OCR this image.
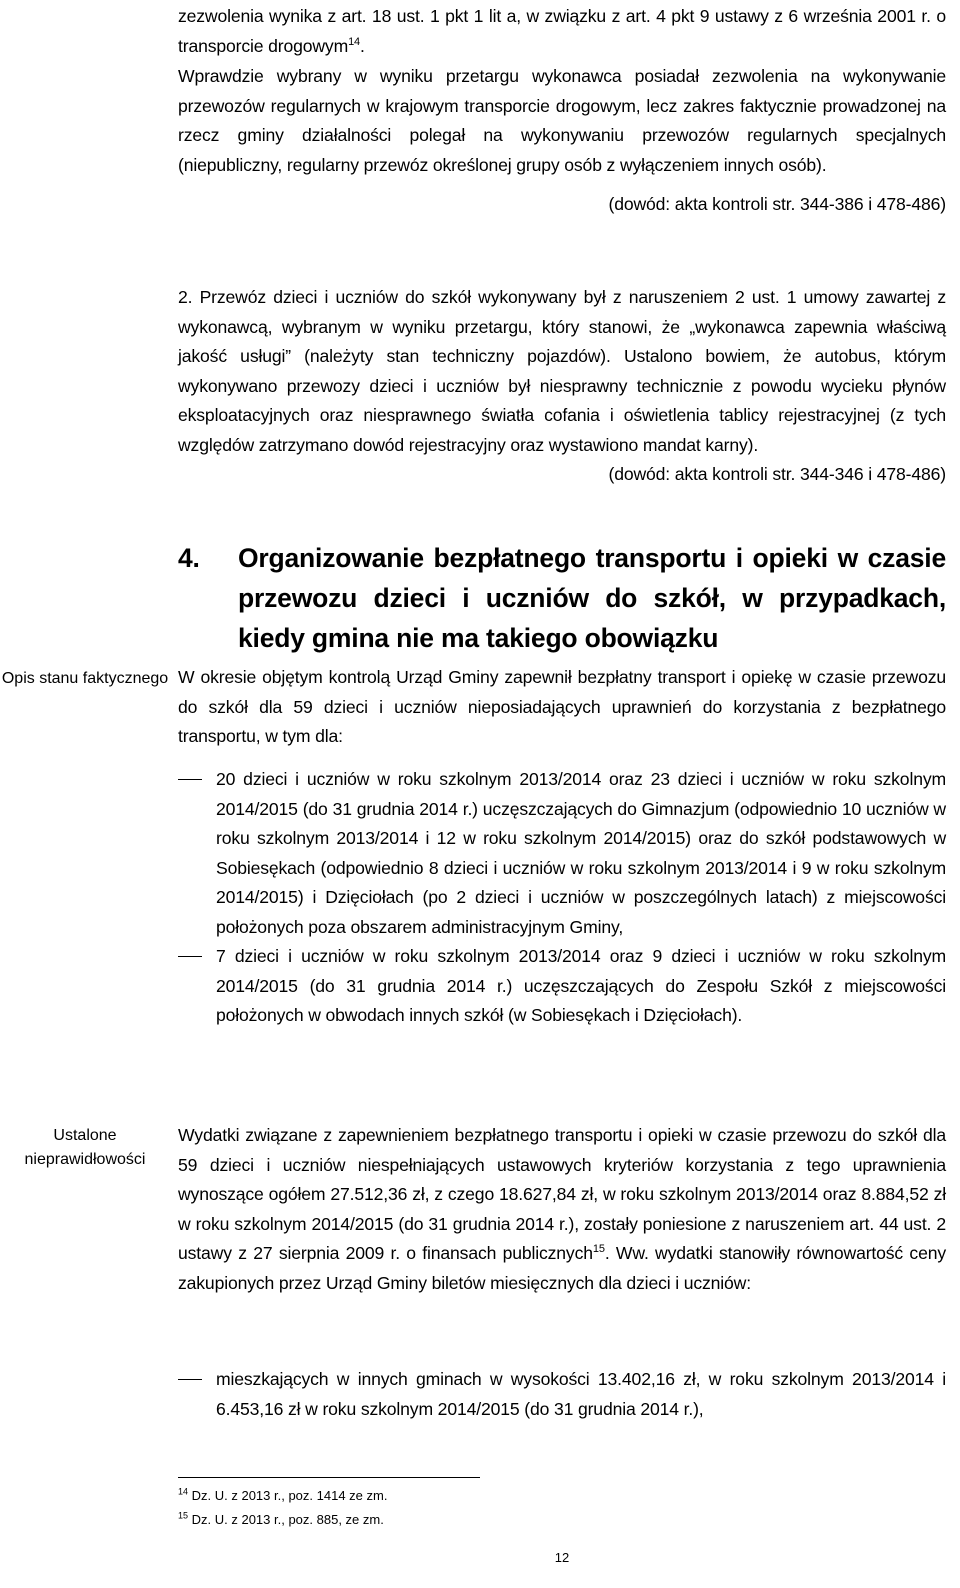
zezwolenia wynika z art. 18 ust. 1 pkt 1 lit a, w związku z art. 4 pkt 9 ustawy z 6 września 2001 r. o transporcie drogowym$^{14}$.

Wprawdzie wybrany w wyniku przetargu wykonawca posiadał zezwolenia na wykonywanie przewozów regularnych w krajowym transporcie drogowym, lecz zakres faktycznie prowadzonej na rzecz gminy działalności polegał na wykonywaniu przewozów regularnych specjalnych (niepubliczny, regularny przewóz określonej grupy osób z wyłączeniem innych osób).

(dowód: akta kontroli str. 344-386 i 478-486)

2. Przewóz dzieci i uczniów do szkół wykonywany był z naruszeniem 2 ust. 1 umowy zawartej z wykonawcą, wybranym w wyniku przetargu, który stanowi, że „wykonawca zapewnia właściwą jakość usługi” (należyty stan techniczny pojazdów). Ustalono bowiem, że autobus, którym wykonywano przewozy dzieci i uczniów był niesprawny technicznie z powodu wycieku płynów eksploatacyjnych oraz niesprawnego światła cofania i oświetlenia tablicy rejestracyjnej (z tych względów zatrzymano dowód rejestracyjny oraz wystawiono mandat karny).

(dowód: akta kontroli str. 344-346 i 478-486)

4. Organizowanie bezpłatnego transportu i opieki w czasie przewozu dzieci i uczniów do szkół, w przypadkach, kiedy gmina nie ma takiego obowiązku
Opis stanu faktycznego
Ustalone nieprawidłowości

W okresie objętym kontrolą Urząd Gminy zapewnił bezpłatny transport i opiekę w czasie przewozu do szkół dla 59 dzieci i uczniów nieposiadających uprawnień do korzystania z bezpłatnego transportu, w tym dla:

20 dzieci i uczniów w roku szkolnym 2013/2014 oraz 23 dzieci i uczniów w roku szkolnym 2014/2015 (do 31 grudnia 2014 r.) uczęszczających do Gimnazjum (odpowiednio 10 uczniów w roku szkolnym 2013/2014 i 12 w roku szkolnym 2014/2015) oraz do szkół podstawowych w Sobiesękach (odpowiednio 8 dzieci i uczniów w roku szkolnym 2013/2014 i 9 w roku szkolnym 2014/2015) i Dzięciołach (po 2 dzieci i uczniów w poszczególnych latach) z miejscowości położonych poza obszarem administracyjnym Gminy,

7 dzieci i uczniów w roku szkolnym 2013/2014 oraz 9 dzieci i uczniów w roku szkolnym 2014/2015 (do 31 grudnia 2014 r.) uczęszczających do Zespołu Szkół z miejscowości położonych w obwodach innych szkół (w Sobiesękach i Dzięciołach).

Wydatki związane z zapewnieniem bezpłatnego transportu i opieki w czasie przewozu do szkół dla 59 dzieci i uczniów niespełniających ustawowych kryteriów korzystania z tego uprawnienia wynoszące ogółem 27.512,36 zł, z czego 18.627,84 zł, w roku szkolnym 2013/2014 oraz 8.884,52 zł w roku szkolnym 2014/2015 (do 31 grudnia 2014 r.), zostały poniesione z naruszeniem art. 44 ust. 2 ustawy z 27 sierpnia 2009 r. o finansach publicznych$^{15}$. Ww. wydatki stanowiły równowartość ceny zakupionych przez Urząd Gminy biletów miesięcznych dla dzieci i uczniów:

mieszkających w innych gminach w wysokości 13.402,16 zł, w roku szkolnym 2013/2014 i 6.453,16 zł w roku szkolnym 2014/2015 (do 31 grudnia 2014 r.),

$^{14}$ Dz. U. z 2013 r., poz. 1414 ze zm.
$^{15}$ Dz. U. z 2013 r., poz. 885, ze zm.
12
